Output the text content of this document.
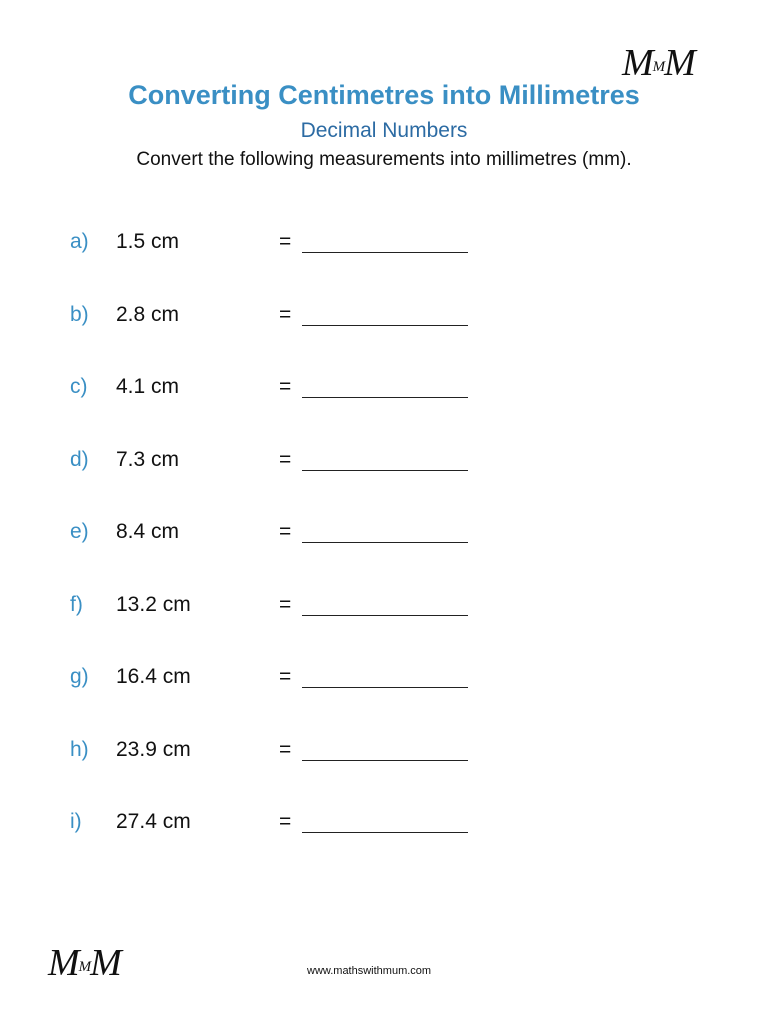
MMM
Converting Centimetres into Millimetres
Decimal Numbers
Convert the following measurements into millimetres (mm).
a) 1.5 cm	=
b) 2.8 cm	=
c) 4.1 cm	=
d) 7.3 cm	=
e) 8.4 cm	=
f) 13.2 cm	=
g) 16.4 cm	=
h) 23.9 cm	=
i) 27.4 cm	=
MMM	www.mathswithmum.com
